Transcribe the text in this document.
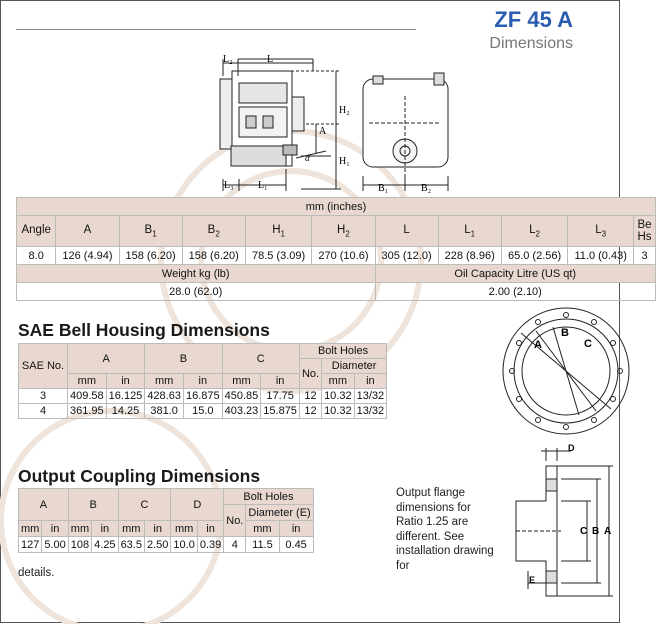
ZF 45 A
Dimensions
L₂	L
H₂
A
H₁
α
L₃ L₁	B₁	B₂
A
B
C
D
C B A
E
mm (inches)										
Angle	A	$B_1$	$B_2$	$H_1$	$H_2$	L	$L_1$	$L_2$	$L_3$	Be
Hs
8.0	126 (4.94)	158 (6.20)	158 (6.20)	78.5 (3.09)	270 (10.6)	305 (12.0)	228 (8.96)	65.0 (2.56)	11.0 (0.43)	3
Weight kg (lb)						Oil Capacity Litre (US qt)				
28.0 (62.0)						2.00 (2.10)				
SAE Bell Housing Dimensions
SAE No.	A		B		C		Bolt Holes		
							No.	Diameter	
	mm	in	mm	in	mm	in		mm	in
3	409.58	16.125	428.63	16.875	450.85	17.75	12	10.32	13/32
4	361.95	14.25	381.0	15.0	403.23	15.875	12	10.32	13/32
Output Coupling Dimensions
A		B		C		D		Bolt Holes		
								No.	Diameter (E)	
mm	in	mm	in	mm	in	mm	in		mm	in
127	5.00	108	4.25	63.5	2.50	10.0	0.39	4	11.5	0.45
Output flange dimensions for Ratio 1.25 are different. See installation drawing for
details.
